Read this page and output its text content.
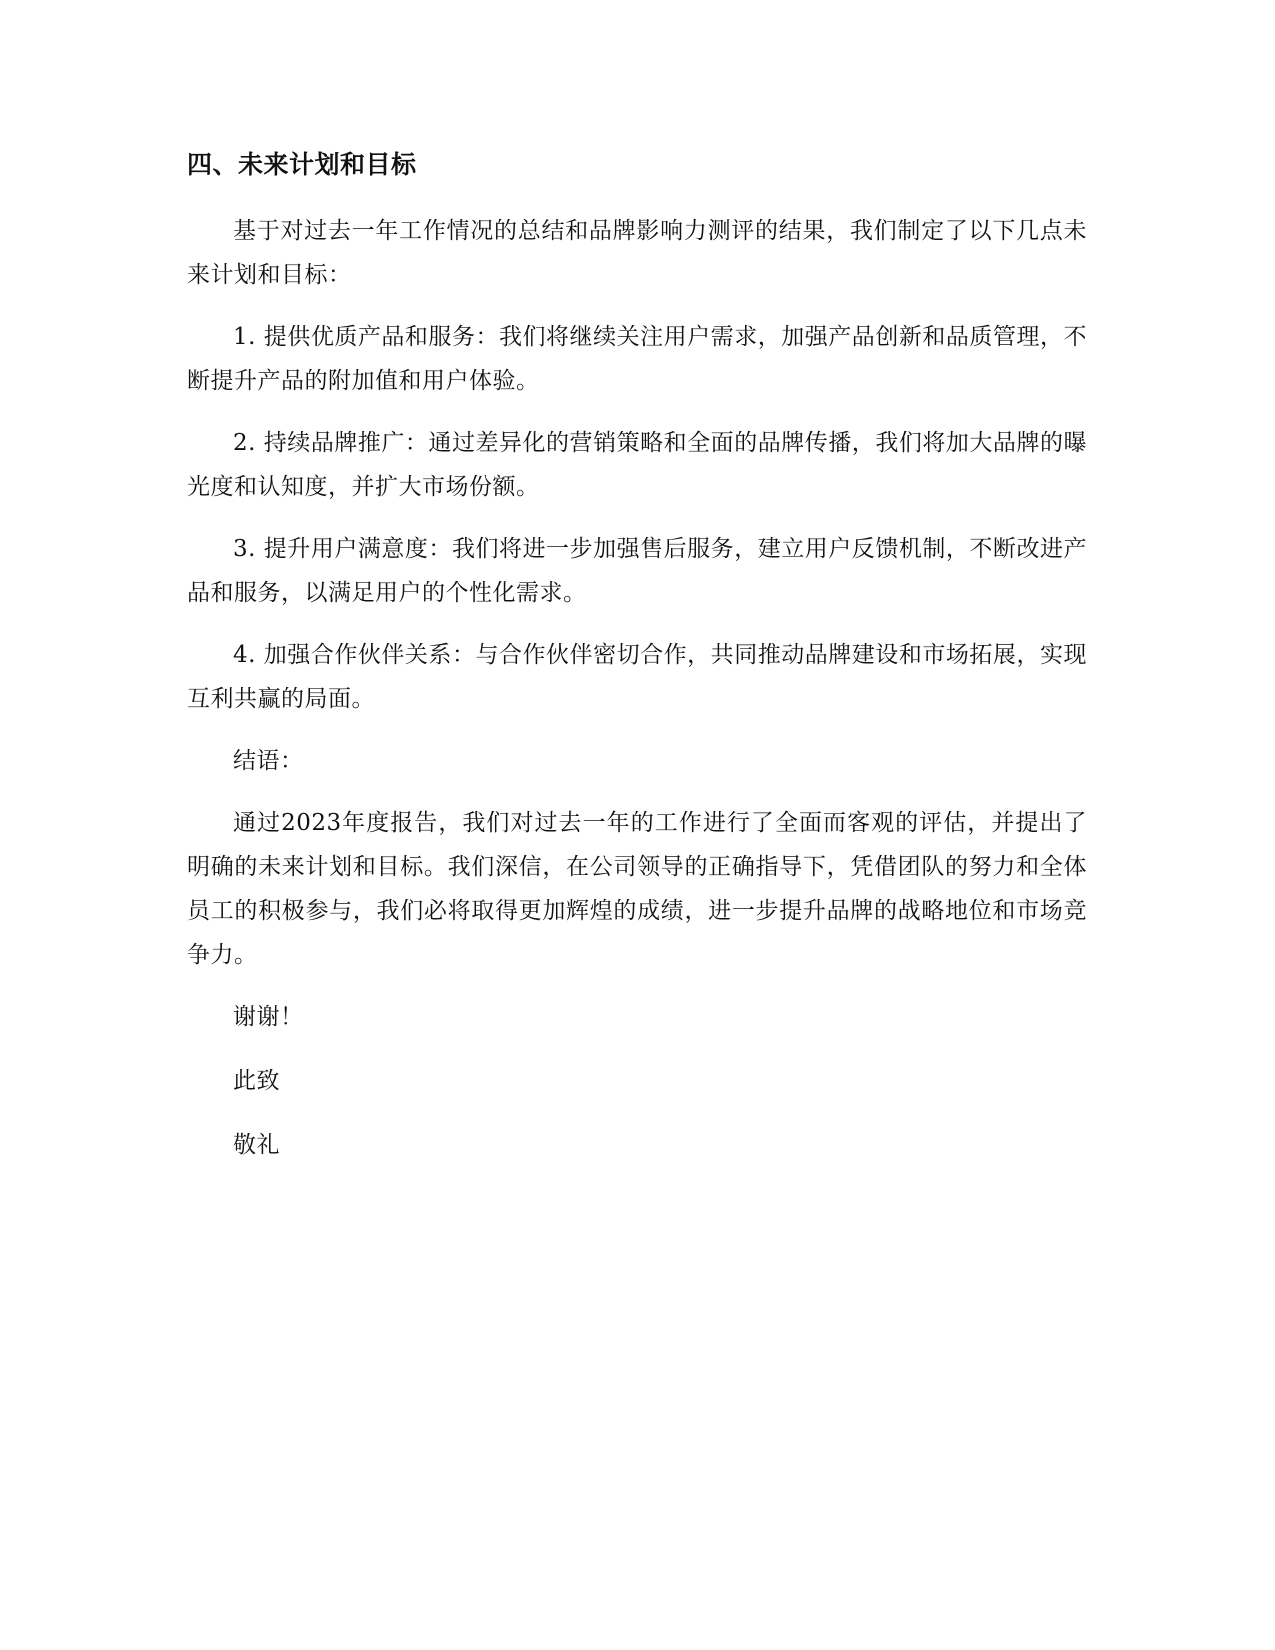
四、未来计划和目标

基于对过去一年工作情况的总结和品牌影响力测评的结果，我们制定了以下几点未来计划和目标：

1. 提供优质产品和服务：我们将继续关注用户需求，加强产品创新和品质管理，不断提升产品的附加值和用户体验。

2. 持续品牌推广：通过差异化的营销策略和全面的品牌传播，我们将加大品牌的曝光度和认知度，并扩大市场份额。

3. 提升用户满意度：我们将进一步加强售后服务，建立用户反馈机制，不断改进产品和服务，以满足用户的个性化需求。

4. 加强合作伙伴关系：与合作伙伴密切合作，共同推动品牌建设和市场拓展，实现互利共赢的局面。

结语：

通过2023年度报告，我们对过去一年的工作进行了全面而客观的评估，并提出了明确的未来计划和目标。我们深信，在公司领导的正确指导下，凭借团队的努力和全体员工的积极参与，我们必将取得更加辉煌的成绩，进一步提升品牌的战略地位和市场竞争力。

谢谢！

此致

敬礼
